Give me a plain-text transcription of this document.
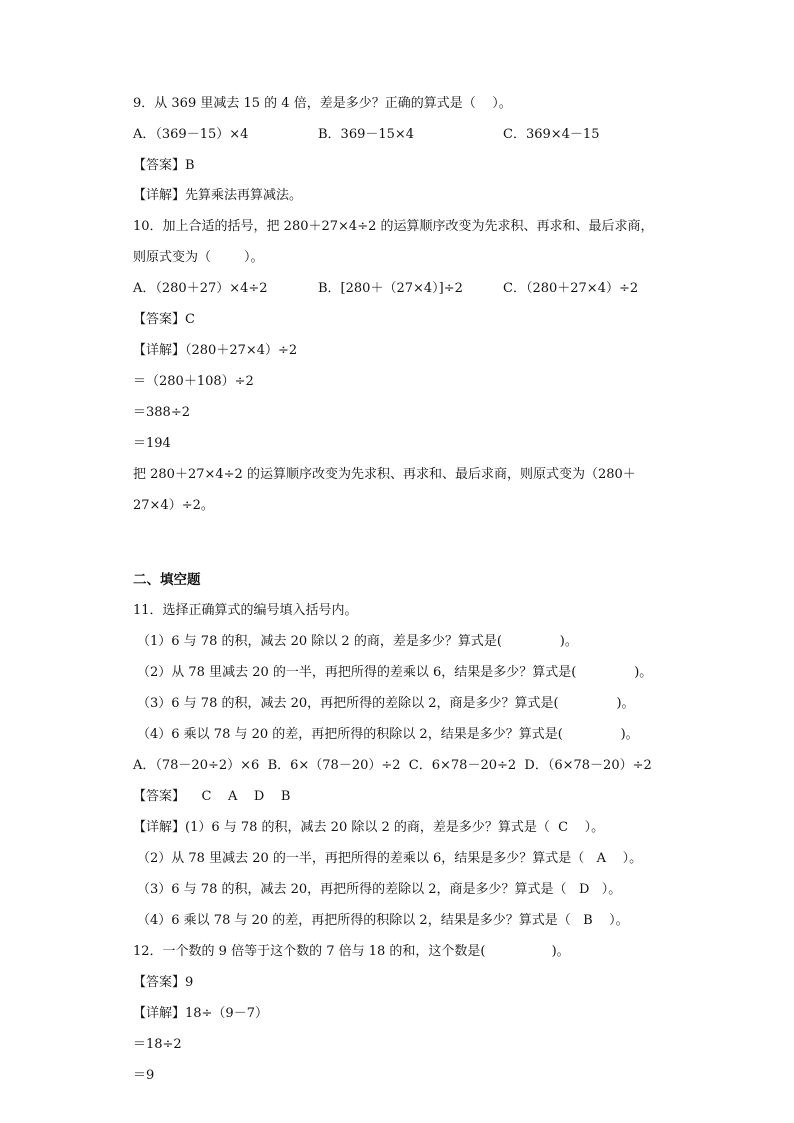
9．从 369 里减去 15 的 4 倍，差是多少？正确的算式是（    ）。
A．（369－15）×4	B．369－15×4	C．369×4－15
【答案】B
【详解】先算乘法再算减法。
10．加上合适的括号，把 280＋27×4÷2 的运算顺序改变为先求积、再求和、最后求商，
则原式变为（        ）。
A．（280＋27）×4÷2	B．[280＋（27×4）]÷2	C．（280＋27×4）÷2
【答案】C
【详解】（280＋27×4）÷2
＝（280＋108）÷2
＝388÷2
＝194
把 280＋27×4÷2 的运算顺序改变为先求积、再求和、最后求商，则原式变为（280＋
27×4）÷2。
二、填空题
11．选择正确算式的编号填入括号内。
（1）6 与 78 的积，减去 20 除以 2 的商，差是多少？算式是(              )。
（2）从 78 里减去 20 的一半，再把所得的差乘以 6，结果是多少？算式是(              )。
（3）6 与 78 的积，减去 20，再把所得的差除以 2，商是多少？算式是(              )。
（4）6 乘以 78 与 20 的差，再把所得的积除以 2，结果是多少？算式是(              )。
A．（78－20÷2）×6  B．6×（78－20）÷2  C．6×78－20÷2  D．（6×78－20）÷2
【答案】    C    A    D    B
【详解】(1）6 与 78 的积，减去 20 除以 2 的商，差是多少？算式是（  C    ）。
（2）从 78 里减去 20 的一半，再把所得的差乘以 6，结果是多少？算式是（   A    ）。
（3）6 与 78 的积，减去 20，再把所得的差除以 2，商是多少？算式是（   D   ）。
（4）6 乘以 78 与 20 的差，再把所得的积除以 2，结果是多少？算式是（   B    ）。
12．一个数的 9 倍等于这个数的 7 倍与 18 的和，这个数是(                )。
【答案】9
【详解】18÷（9－7）
＝18÷2
＝9
